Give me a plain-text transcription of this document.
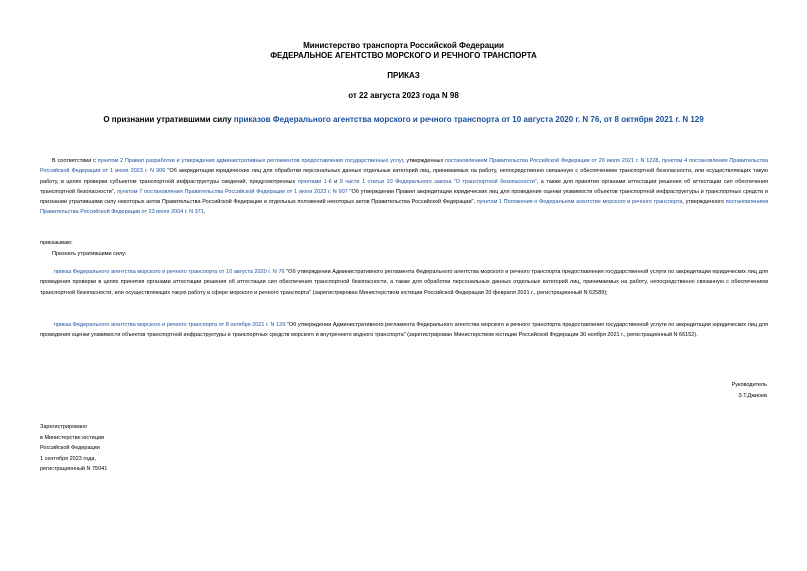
Министерство транспорта Российской Федерации
ФЕДЕРАЛЬНОЕ АГЕНТСТВО МОРСКОГО И РЕЧНОГО ТРАНСПОРТА
ПРИКАЗ
от 22 августа 2023 года N 98
О признании утратившими силу приказов Федерального агентства морского и речного транспорта от 10 августа 2020 г. N 76, от 8 октября 2021 г. N 129
В соответствии с пунктом 2 Правил разработки и утверждения административных регламентов предоставления государственных услуг, утвержденных постановлением Правительства Российской Федерации от 20 июля 2021 г. N 1228, пунктом 4 постановления Правительства Российской Федерации от 1 июня 2023 г. N 906 "Об аккредитации юридических лиц для обработки персональных данных отдельных категорий лиц, принимаемых на работу, непосредственно связанную с обеспечением транспортной безопасности, или осуществляющих такую работу, в целях проверки субъектом транспортной инфраструктуры сведений, предусмотренных пунктами 1-6 и 9 части 1 статьи 10 Федерального закона "О транспортной безопасности", а также для принятия органами аттестации решения об аттестации сил обеспечения транспортной безопасности", пунктом 7 постановления Правительства Российской Федерации от 1 июня 2023 г. N 907 "Об утверждении Правил аккредитации юридических лиц для проведения оценки уязвимости объектов транспортной инфраструктуры и транспортных средств и признании утратившими силу некоторых актов Правительства Российской Федерации и отдельных положений некоторых актов Правительства Российской Федерации", пунктом 1 Положения о Федеральном агентстве морского и речного транспорта, утвержденного постановлением Правительства Российской Федерации от 23 июля 2004 г. N 371,
приказываю:
Признать утратившими силу:
приказ Федерального агентства морского и речного транспорта от 10 августа 2020 г. N 76 "Об утверждении Административного регламента Федерального агентства морского и речного транспорта предоставления государственной услуги по аккредитации юридических лиц для проведения проверки в целях принятия органами аттестации решения об аттестации сил обеспечения транспортной безопасности, а также для обработки персональных данных отдельных категорий лиц, принимаемых на работу, непосредственно связанную с обеспечением транспортной безопасности, или осуществляющих такую работу в сфере морского и речного транспорта" (зарегистрирован Министерством юстиции Российской Федерации 20 февраля 2021 г., регистрационный N 62589);
приказ Федерального агентства морского и речного транспорта от 8 октября 2021 г. N 129 "Об утверждении Административного регламента Федерального агентства морского и речного транспорта предоставления государственной услуги по аккредитации юридических лиц для проведения оценки уязвимости объектов транспортной инфраструктуры и транспортных средств морского и внутреннего водного транспорта" (зарегистрирован Министерством юстиции Российской Федерации 30 ноября 2021 г., регистрационный N 66152).
Руководитель
З.Т.Джиоев
Зарегистрировано
в Министерстве юстиции
Российской Федерации
1 сентября 2023 года,
регистрационный N 75041
